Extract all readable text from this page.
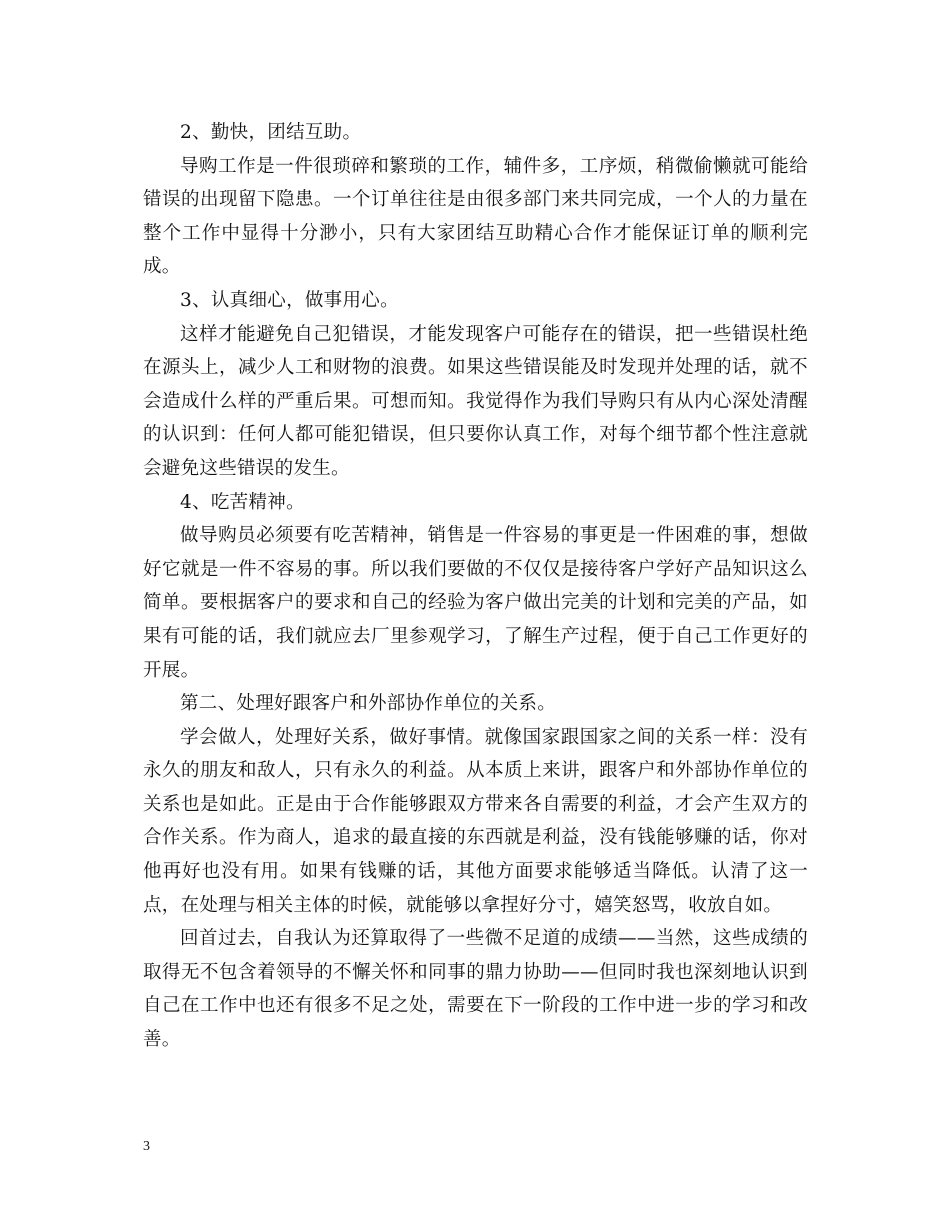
2、勤快，团结互助。

导购工作是一件很琐碎和繁琐的工作，辅件多，工序烦，稍微偷懒就可能给错误的出现留下隐患。一个订单往往是由很多部门来共同完成，一个人的力量在整个工作中显得十分渺小，只有大家团结互助精心合作才能保证订单的顺利完成。

3、认真细心，做事用心。

这样才能避免自己犯错误，才能发现客户可能存在的错误，把一些错误杜绝在源头上，减少人工和财物的浪费。如果这些错误能及时发现并处理的话，就不会造成什么样的严重后果。可想而知。我觉得作为我们导购只有从内心深处清醒的认识到：任何人都可能犯错误，但只要你认真工作，对每个细节都个性注意就会避免这些错误的发生。

4、吃苦精神。

做导购员必须要有吃苦精神，销售是一件容易的事更是一件困难的事，想做好它就是一件不容易的事。所以我们要做的不仅仅是接待客户学好产品知识这么简单。要根据客户的要求和自己的经验为客户做出完美的计划和完美的产品，如果有可能的话，我们就应去厂里参观学习，了解生产过程，便于自己工作更好的开展。

第二、处理好跟客户和外部协作单位的关系。

学会做人，处理好关系，做好事情。就像国家跟国家之间的关系一样：没有永久的朋友和敌人，只有永久的利益。从本质上来讲，跟客户和外部协作单位的关系也是如此。正是由于合作能够跟双方带来各自需要的利益，才会产生双方的合作关系。作为商人，追求的最直接的东西就是利益，没有钱能够赚的话，你对他再好也没有用。如果有钱赚的话，其他方面要求能够适当降低。认清了这一点，在处理与相关主体的时候，就能够以拿捏好分寸，嬉笑怒骂，收放自如。

回首过去，自我认为还算取得了一些微不足道的成绩——当然，这些成绩的取得无不包含着领导的不懈关怀和同事的鼎力协助——但同时我也深刻地认识到自己在工作中也还有很多不足之处，需要在下一阶段的工作中进一步的学习和改善。

3
